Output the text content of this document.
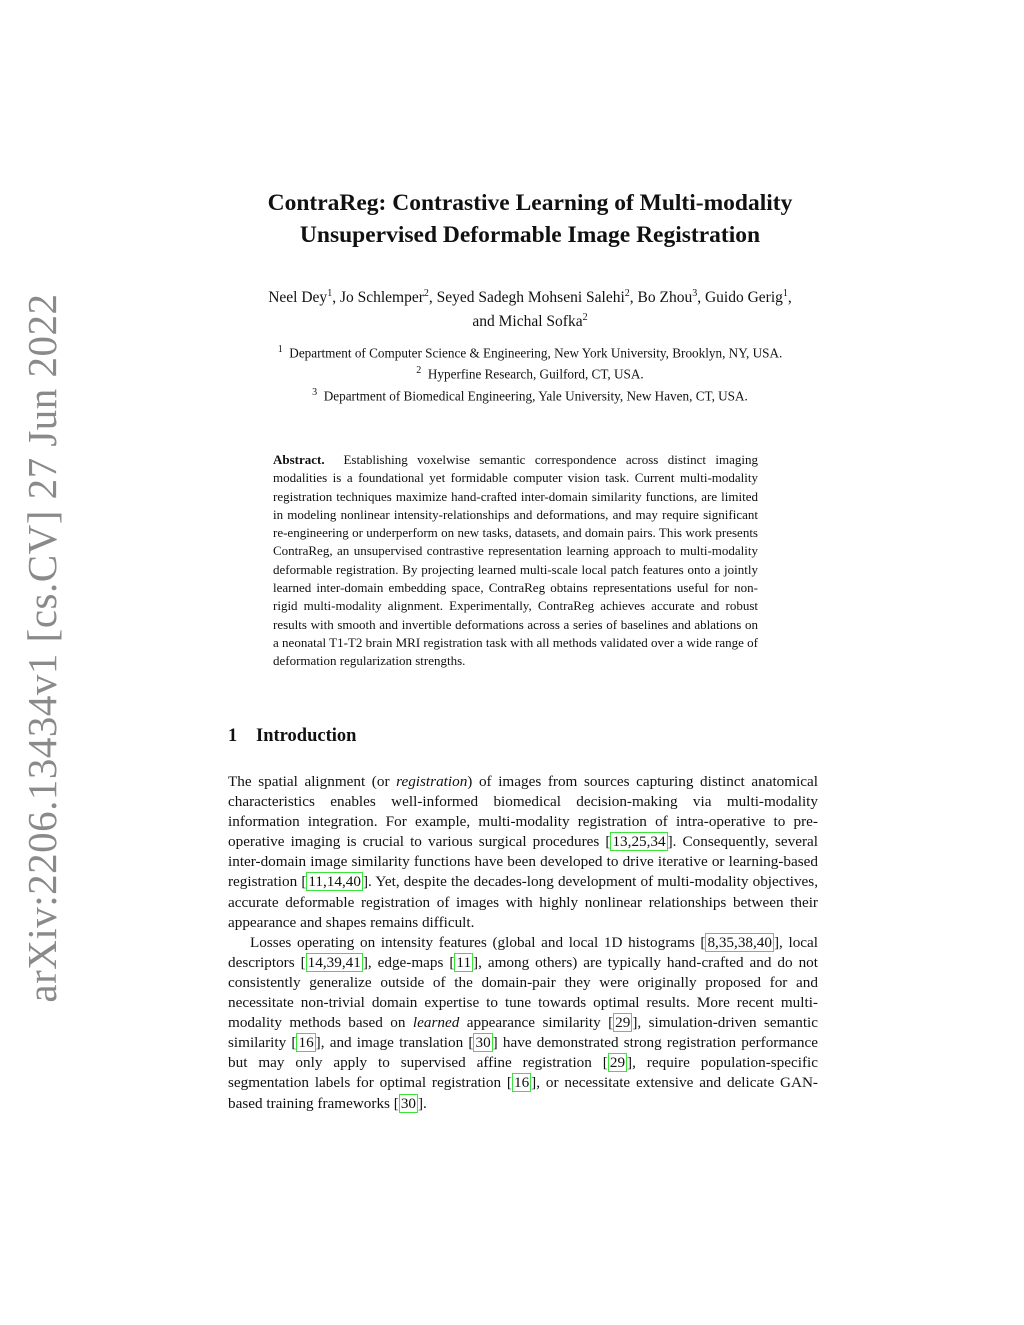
arXiv:2206.13434v1 [cs.CV] 27 Jun 2022
ContraReg: Contrastive Learning of Multi-modality
Unsupervised Deformable Image Registration
Neel Dey$^1$, Jo Schlemper$^2$, Seyed Sadegh Mohseni Salehi$^2$, Bo Zhou$^3$, Guido Gerig$^1$,
and Michal Sofka$^2$
$^1$ Department of Computer Science & Engineering, New York University, Brooklyn, NY, USA.
$^2$ Hyperfine Research, Guilford, CT, USA.
$^3$ Department of Biomedical Engineering, Yale University, New Haven, CT, USA.
Abstract. Establishing voxelwise semantic correspondence across distinct imaging modalities is a foundational yet formidable computer vision task. Current multi-modality registration techniques maximize hand-crafted inter-domain similarity functions, are limited in modeling nonlinear intensity-relationships and deformations, and may require significant re-engineering or underperform on new tasks, datasets, and domain pairs. This work presents ContraReg, an unsupervised contrastive representation learning approach to multi-modality deformable registration. By projecting learned multi-scale local patch features onto a jointly learned inter-domain embedding space, ContraReg obtains representations useful for non-rigid multi-modality alignment. Experimentally, ContraReg achieves accurate and robust results with smooth and invertible deformations across a series of baselines and ablations on a neonatal T1-T2 brain MRI registration task with all methods validated over a wide range of deformation regularization strengths.
1 Introduction

The spatial alignment (or registration) of images from sources capturing distinct anatomical characteristics enables well-informed biomedical decision-making via multi-modality information integration. For example, multi-modality registration of intra-operative to pre-operative imaging is crucial to various surgical procedures [ 13,25,34 ]. Consequently, several inter-domain image similarity functions have been developed to drive iterative or learning-based registration [ 11,14,40 ]. Yet, despite the decades-long development of multi-modality objectives, accurate deformable registration of images with highly nonlinear relationships between their appearance and shapes remains difficult.

Losses operating on intensity features (global and local 1D histograms [ 8,35,38,40 ], local descriptors [ 14,39,41 ], edge-maps [ 11 ], among others) are typically hand-crafted and do not consistently generalize outside of the domain-pair they were originally proposed for and necessitate non-trivial domain expertise to tune towards optimal results. More recent multi-modality methods based on learned appearance similarity [ 29 ], simulation-driven semantic similarity [ 16 ], and image translation [ 30 ] have demonstrated strong registration performance but may only apply to supervised affine registration [ 29 ], require population-specific segmentation labels for optimal registration [ 16 ], or necessitate extensive and delicate GAN-based training frameworks [ 30 ].
